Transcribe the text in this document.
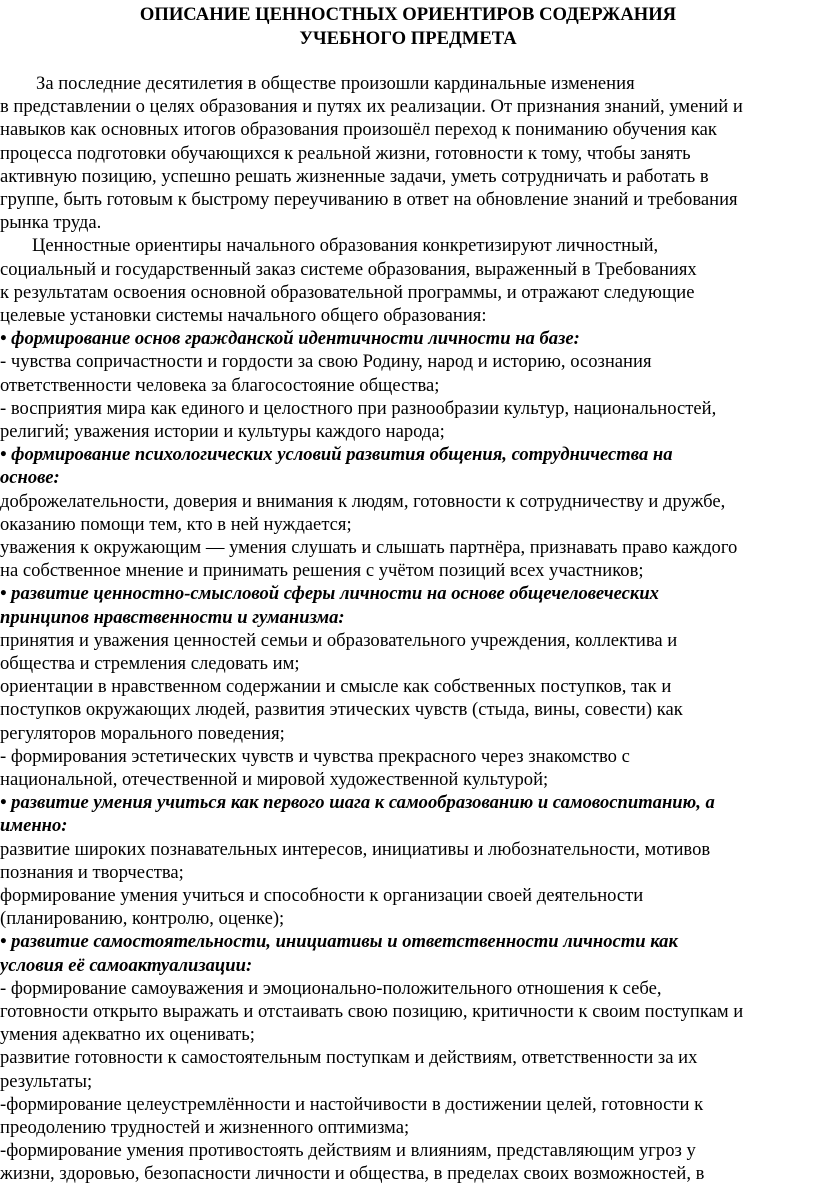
ОПИСАНИЕ ЦЕННОСТНЫХ ОРИЕНТИРОВ СОДЕРЖАНИЯ
УЧЕБНОГО ПРЕДМЕТА
За последние десятилетия в обществе произошли кардинальные изменения
в представлении о целях образования и путях их реализации. От признания знаний, умений и
навыков как основных итогов образования произошёл переход к пониманию обучения как
процесса подготовки обучающихся к реальной жизни, готовности к тому, чтобы занять
активную позицию, успешно решать жизненные задачи, уметь сотрудничать и работать в
группе, быть готовым к быстрому переучиванию в ответ на обновление знаний и требования
рынка труда.
Ценностные ориентиры начального образования конкретизируют личностный,
социальный и государственный заказ системе образования, выраженный в Требованиях
к результатам освоения основной образовательной программы, и отражают следующие
целевые установки системы начального общего образования:
• формирование основ гражданской идентичности личности на базе:
- чувства сопричастности и гордости за свою Родину, народ и историю, осознания
ответственности человека за благосостояние общества;
- восприятия мира как единого и целостного при разнообразии культур, национальностей,
религий; уважения истории и культуры каждого народа;
• формирование психологических условий развития общения, сотрудничества на
основе:
доброжелательности, доверия и внимания к людям, готовности к сотрудничеству и дружбе,
оказанию помощи тем, кто в ней нуждается;
уважения к окружающим — умения слушать и слышать партнёра, признавать право каждого
на собственное мнение и принимать решения с учётом позиций всех участников;
• развитие ценностно-смысловой сферы личности на основе общечеловеческих
принципов нравственности и гуманизма:
принятия и уважения ценностей семьи и образовательного учреждения, коллектива и
общества и стремления следовать им;
ориентации в нравственном содержании и смысле как собственных поступков, так и
поступков окружающих людей, развития этических чувств (стыда, вины, совести) как
регуляторов морального поведения;
- формирования эстетических чувств и чувства прекрасного через знакомство с
национальной, отечественной и мировой художественной культурой;
• развитие умения учиться как первого шага к самообразованию и самовоспитанию, а
именно:
развитие широких познавательных интересов, инициативы и любознательности, мотивов
познания и творчества;
формирование умения учиться и способности к организации своей деятельности
(планированию, контролю, оценке);
• развитие самостоятельности, инициативы и ответственности личности как
условия её самоактуализации:
- формирование самоуважения и эмоционально-положительного отношения к себе,
готовности открыто выражать и отстаивать свою позицию, критичности к своим поступкам и
умения адекватно их оценивать;
развитие готовности к самостоятельным поступкам и действиям, ответственности за их
результаты;
-формирование целеустремлённости и настойчивости в достижении целей, готовности к
преодолению трудностей и жизненного оптимизма;
-формирование умения противостоять действиям и влияниям, представляющим угроз у
жизни, здоровью, безопасности личности и общества, в пределах своих возможностей, в
